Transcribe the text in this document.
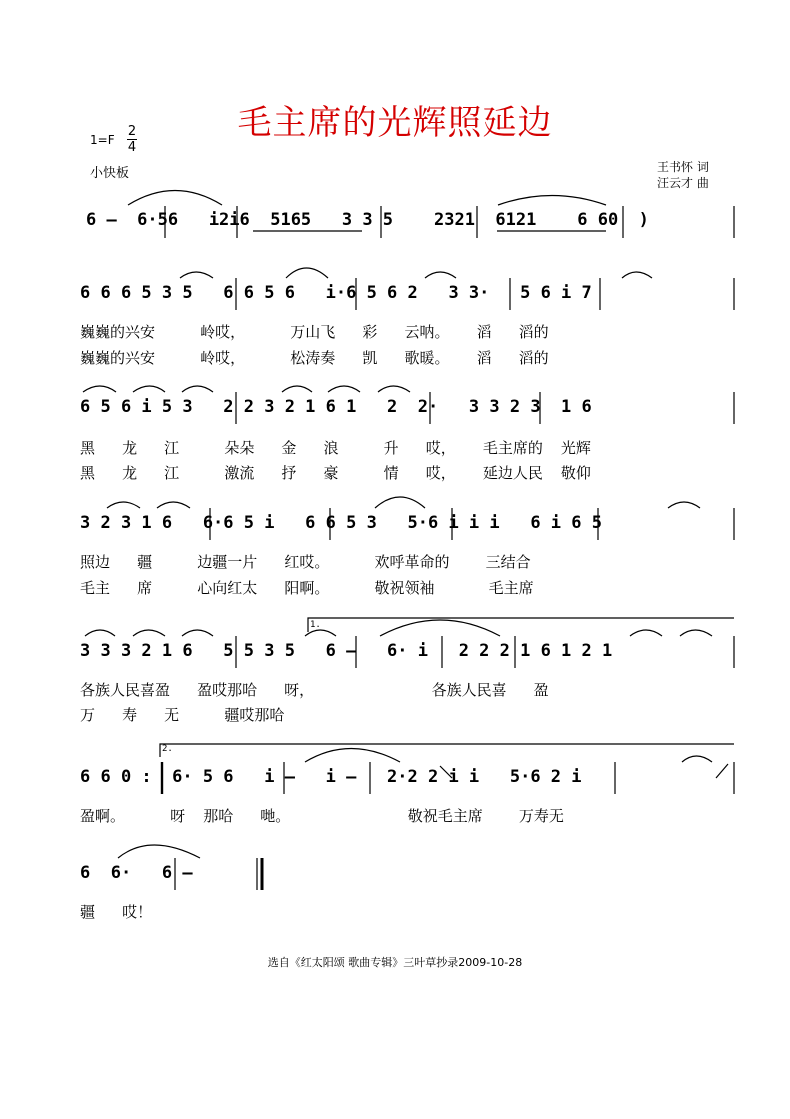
毛主席的光辉照延边
1=F
2
4
小快板	王书怀 词
汪云才 曲
6 –  6·56   i2i6  5165   3 3 5    2321  6121    6 60  )
6 6 6 5 3 5   6 6 5 6   i·6 5 6 2   3 3·   5 6 i 7
巍巍的兴安     岭哎，     万山飞   彩   云呐。   滔   滔的
巍巍的兴安     岭哎，     松涛奏   凯   歌暖。   滔   滔的
6 5 6 i 5 3   2 2 3 2 1 6 1   2  2·   3 3 2 3  1 6
黑   龙   江     朵朵   金   浪     升   哎，   毛主席的  光辉
黑   龙   江     激流   抒   豪     情   哎，   延边人民  敬仰
3 2 3 1 6   6·6 5 i   6 6 5 3   5·6 i i i   6 i 6 5
照边   疆     边疆一片   红哎。     欢呼革命的    三结合
毛主   席     心向红太   阳啊。     敬祝领袖      毛主席
3 3 3 2 1 6   5 5 3 5   6 –   6· i   2 2 2 1 6 1 2 1
各族人民喜盈   盈哎那哈   呀，             各族人民喜   盈
万   寿   无     疆哎那哈
6 6 0 :  6· 5 6   i –   i –   2·2 2 i i   5·6 2 i
盈啊。     呀  那哈   哋。             敬祝毛主席    万寿无
6  6·   6 –
疆   哎！
1.
2.
选自《红太阳颂 歌曲专辑》三叶草抄录2009-10-28
